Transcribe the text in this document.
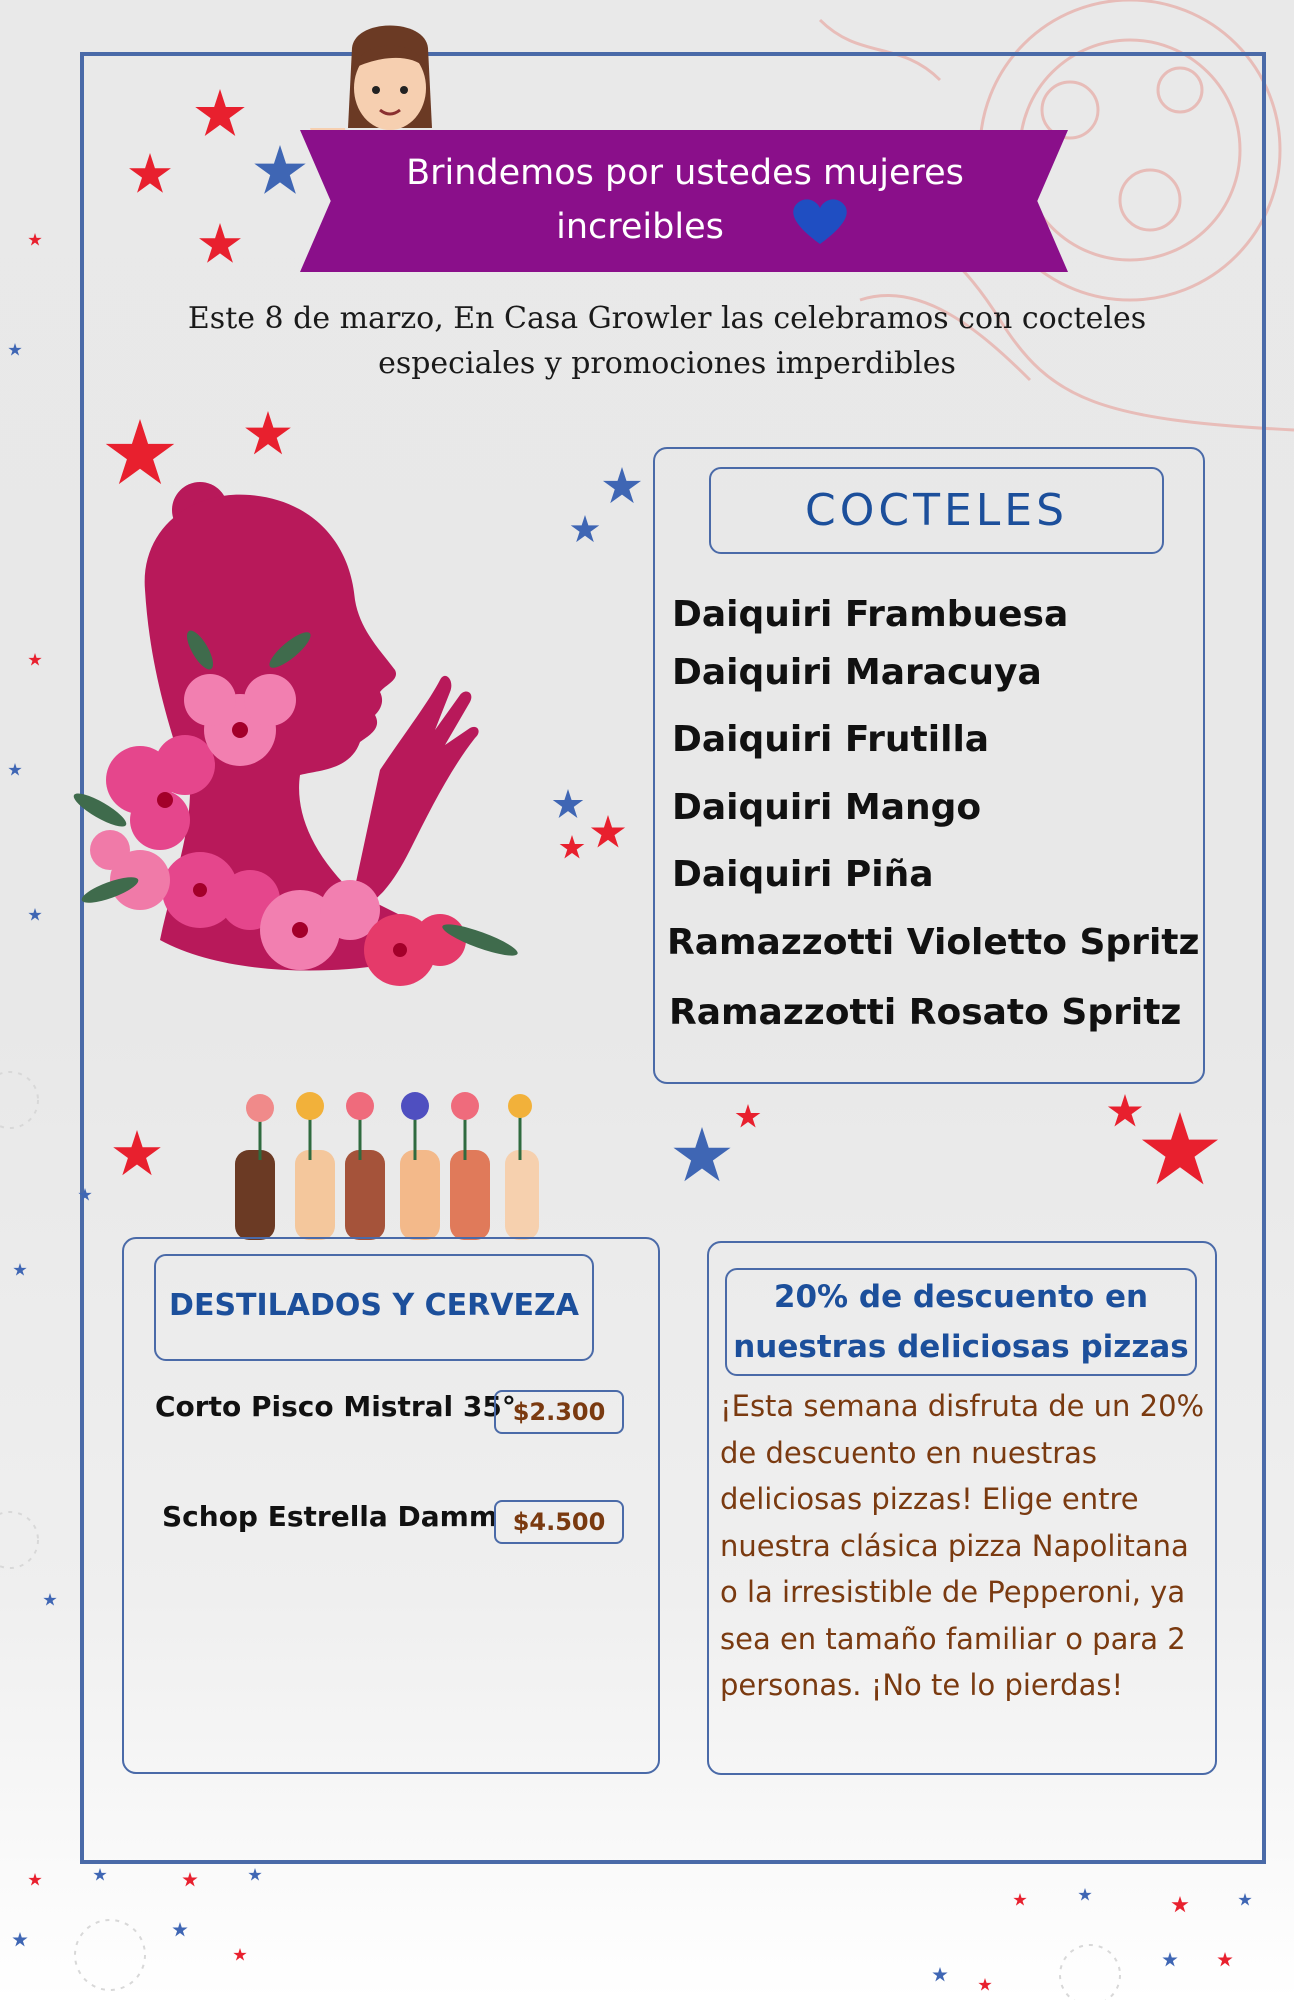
Brindemos por ustedes mujeres
increibles
Este 8 de marzo, En Casa Growler las celebramos con cocteles
especiales y promociones imperdibles
COCTELES
Daiquiri Frambuesa
Daiquiri Maracuya
Daiquiri Frutilla
Daiquiri Mango
Daiquiri Piña
Ramazzotti Violetto Spritz
Ramazzotti Rosato Spritz
DESTILADOS Y CERVEZA
Corto Pisco Mistral 35°
$2.300
Schop Estrella Damm $4.500
20% de descuento en
nuestras deliciosas pizzas
¡Esta semana disfruta de un 20%
de descuento en nuestras
deliciosas pizzas! Elige entre
nuestra clásica pizza Napolitana
o la irresistible de Pepperoni, ya
sea en tamaño familiar o para 2
personas. ¡No te lo pierdas!
